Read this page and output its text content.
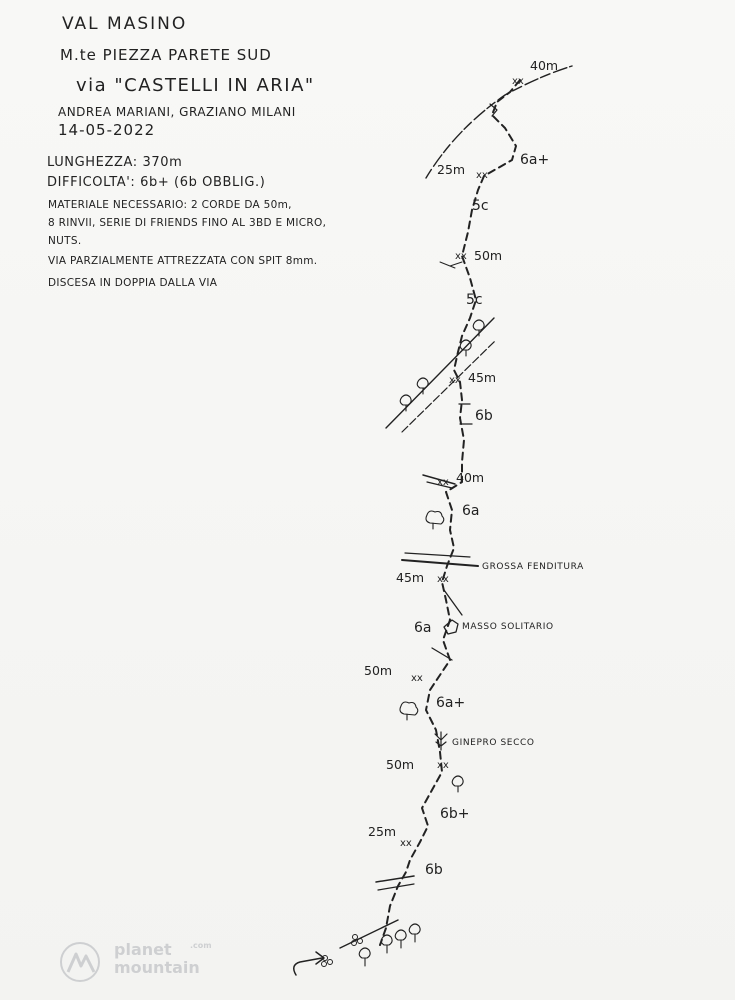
VAL MASINO
M.te PIEZZA PARETE SUD
via "CASTELLI IN ARIA"
ANDREA MARIANI, GRAZIANO MILANI
14-05-2022
LUNGHEZZA: 370m
DIFFICOLTA': 6b+ (6b OBBLIG.)
MATERIALE NECESSARIO: 2 CORDE DA 50m,
8 RINVII, SERIE DI FRIENDS FINO AL 3BD E MICRO,
NUTS.
VIA PARZIALMENTE ATTREZZATA CON SPIT 8mm.
DISCESA IN DOPPIA DALLA VIA
xx
xx
xx
xx
xx
xx
xx
xx
xx
40m
25m
50m
45m
40m
45m
50m
50m
25m
6a+
5c
5c
6b
6a
6a
6a+
6b+
6b
GROSSA FENDITURA
MASSO SOLITARIO
GINEPRO SECCO
planet
mountain
.com
